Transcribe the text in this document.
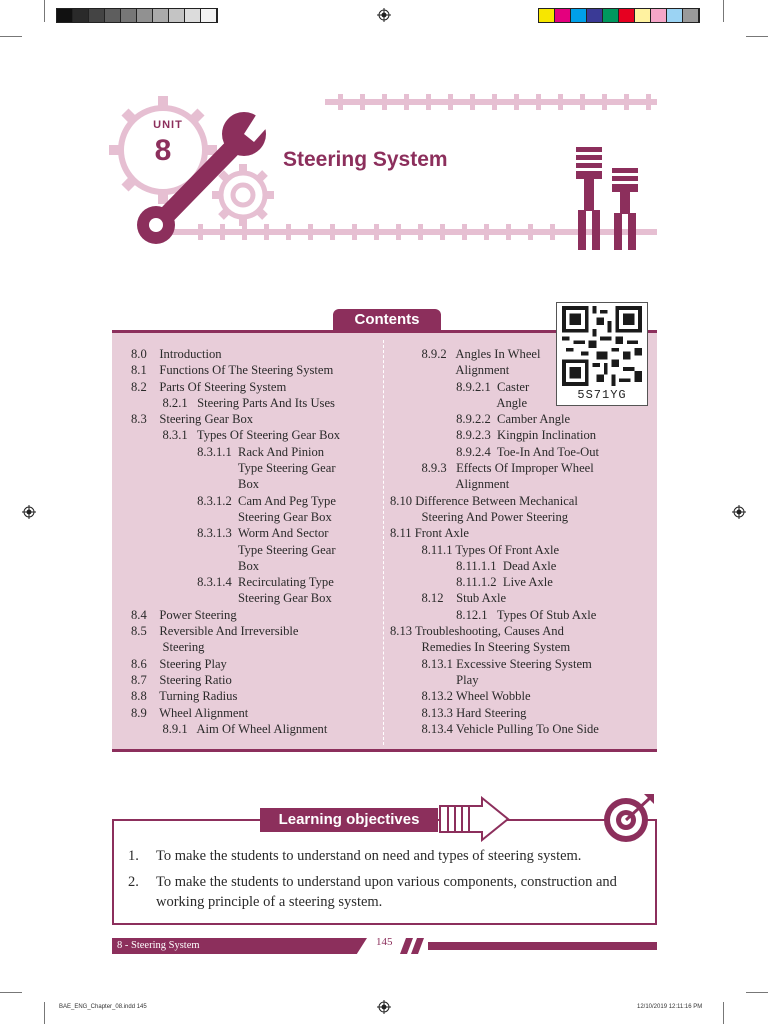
UNIT
8	Steering System
Contents
8.0    Introduction
8.1    Functions Of The Steering System
8.2    Parts Of Steering System
8.2.1   Steering Parts And Its Uses
8.3    Steering Gear Box
8.3.1   Types Of Steering Gear Box
8.3.1.1  Rack And Pinion
Type Steering Gear
Box
8.3.1.2  Cam And Peg Type
Steering Gear Box
8.3.1.3  Worm And Sector
Type Steering Gear
Box
8.3.1.4  Recirculating Type
Steering Gear Box
8.4    Power Steering
8.5    Reversible And Irreversible
Steering
8.6    Steering Play
8.7    Steering Ratio
8.8    Turning Radius
8.9    Wheel Alignment
8.9.1   Aim Of Wheel Alignment
8.9.2   Angles In Wheel
Alignment
8.9.2.1  Caster
Angle
8.9.2.2  Camber Angle
8.9.2.3  Kingpin Inclination
8.9.2.4  Toe-In And Toe-Out
8.9.3   Effects Of Improper Wheel
Alignment
8.10 Difference Between Mechanical
Steering And Power Steering
8.11 Front Axle
8.11.1 Types Of Front Axle
8.11.1.1  Dead Axle
8.11.1.2  Live Axle
8.12    Stub Axle
8.12.1   Types Of Stub Axle
8.13 Troubleshooting, Causes And
Remedies In Steering System
8.13.1 Excessive Steering System
Play
8.13.2 Wheel Wobble
8.13.3 Hard Steering
8.13.4 Vehicle Pulling To One Side
5S71YG
Learning objectives
1.	To make the students to understand on need and types of steering system.
2.	To make the students to understand upon various components, construction and working principle of a steering system.
8 - Steering System	145
BAE_ENG_Chapter_08.indd 145	12/10/2019 12:11:16 PM
